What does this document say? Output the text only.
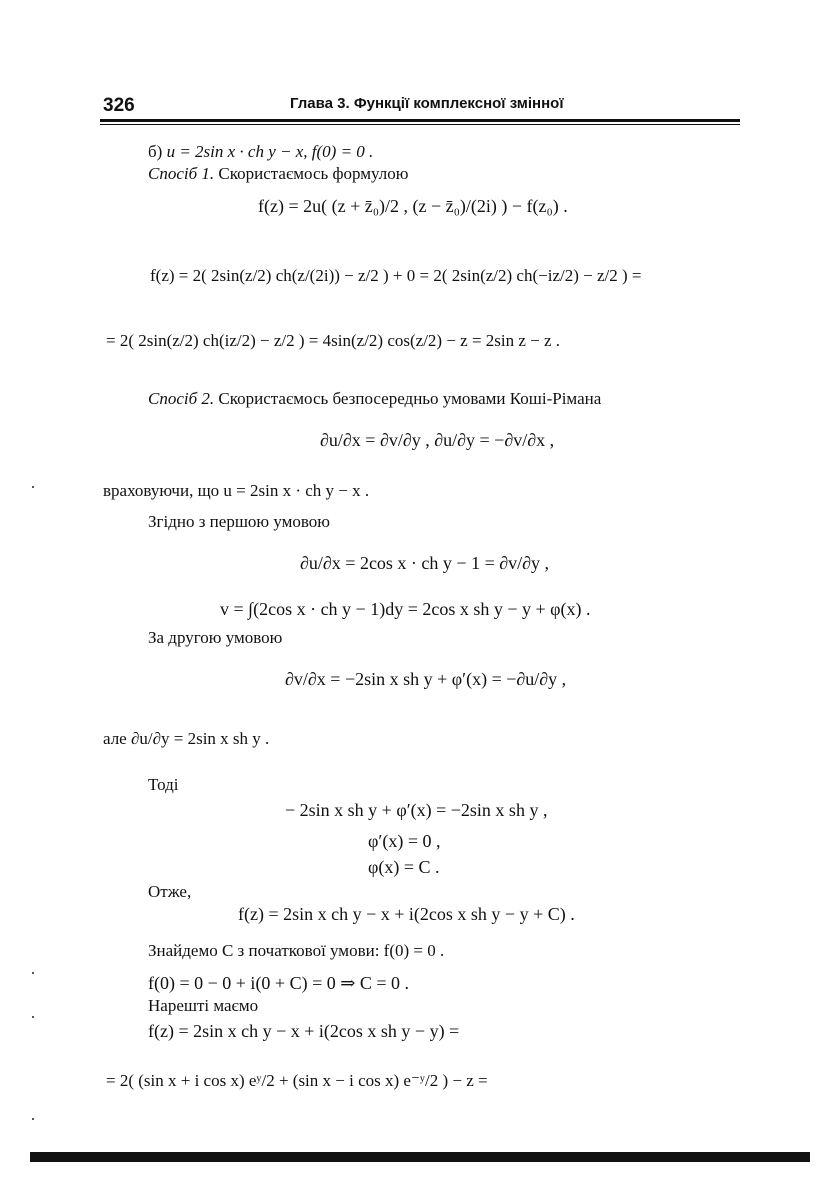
326	Глава 3. Функції комплексної змінної
б) u = 2sin x · ch y − x, f(0) = 0 .
Спосіб 1. Скористаємось формулою
f(z) = 2u( (z + z̄₀)/2 , (z − z̄₀)/(2i) ) − f(z₀) .
f(z) = 2( 2sin(z/2) ch(z/(2i)) − z/2 ) + 0 = 2( 2sin(z/2) ch(−iz/2) − z/2 ) =
= 2( 2sin(z/2) ch(iz/2) − z/2 ) = 4sin(z/2) cos(z/2) − z = 2sin z − z .
Спосіб 2. Скористаємось безпосередньо умовами Коші-Рімана
∂u/∂x = ∂v/∂y , ∂u/∂y = −∂v/∂x ,
враховуючи, що u = 2sin x · ch y − x .
Згідно з першою умовою
∂u/∂x = 2cos x · ch y − 1 = ∂v/∂y ,
v = ∫(2cos x · ch y − 1)dy = 2cos x sh y − y + φ(x) .
За другою умовою
∂v/∂x = −2sin x sh y + φ′(x) = −∂u/∂y ,
але ∂u/∂y = 2sin x sh y .
Тоді
− 2sin x sh y + φ′(x) = −2sin x sh y ,
φ′(x) = 0 ,
φ(x) = C .
Отже,
f(z) = 2sin x ch y − x + i(2cos x sh y − y + C) .
Знайдемо C з початкової умови: f(0) = 0 .
f(0) = 0 − 0 + i(0 + C) = 0 ⇒ C = 0 .
Нарешті маємо
f(z) = 2sin x ch y − x + i(2cos x sh y − y) =
= 2( (sin x + i cos x) eʸ/2 + (sin x − i cos x) e⁻ʸ/2 ) − z =
